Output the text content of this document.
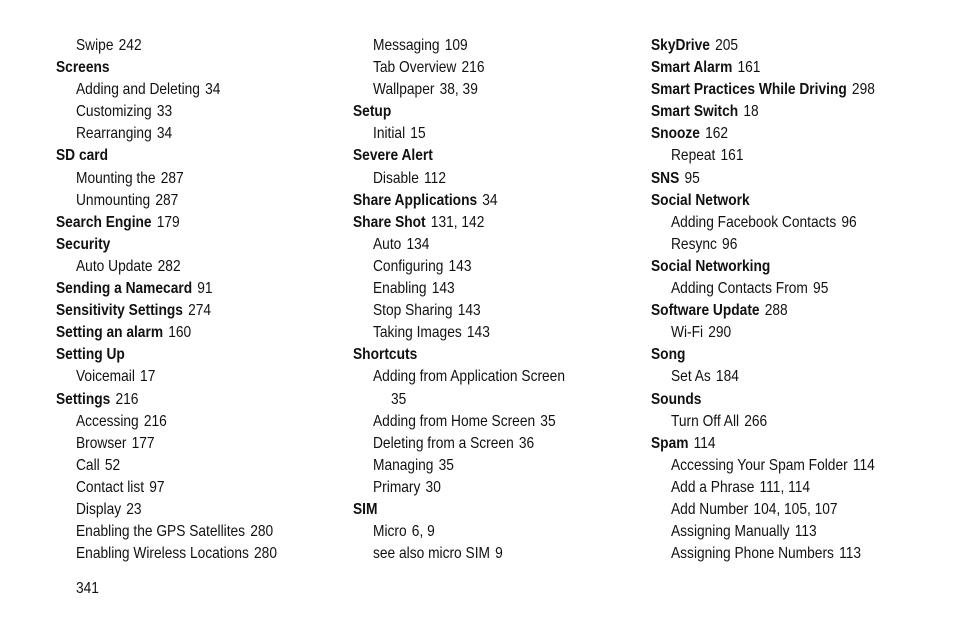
Swipe 242
Screens
Adding and Deleting 34
Customizing 33
Rearranging 34
SD card
Mounting the 287
Unmounting 287
Search Engine 179
Security
Auto Update 282
Sending a Namecard 91
Sensitivity Settings 274
Setting an alarm 160
Setting Up
Voicemail 17
Settings 216
Accessing 216
Browser 177
Call 52
Contact list 97
Display 23
Enabling the GPS Satellites 280
Enabling Wireless Locations 280
Messaging 109
Tab Overview 216
Wallpaper 38, 39
Setup
Initial 15
Severe Alert
Disable 112
Share Applications 34
Share Shot 131, 142
Auto 134
Configuring 143
Enabling 143
Stop Sharing 143
Taking Images 143
Shortcuts
Adding from Application Screen
35
Adding from Home Screen 35
Deleting from a Screen 36
Managing 35
Primary 30
SIM
Micro 6, 9
see also micro SIM 9
SkyDrive 205
Smart Alarm 161
Smart Practices While Driving 298
Smart Switch 18
Snooze 162
Repeat 161
SNS 95
Social Network
Adding Facebook Contacts 96
Resync 96
Social Networking
Adding Contacts From 95
Software Update 288
Wi-Fi 290
Song
Set As 184
Sounds
Turn Off All 266
Spam 114
Accessing Your Spam Folder 114
Add a Phrase 111, 114
Add Number 104, 105, 107
Assigning Manually 113
Assigning Phone Numbers 113
341
